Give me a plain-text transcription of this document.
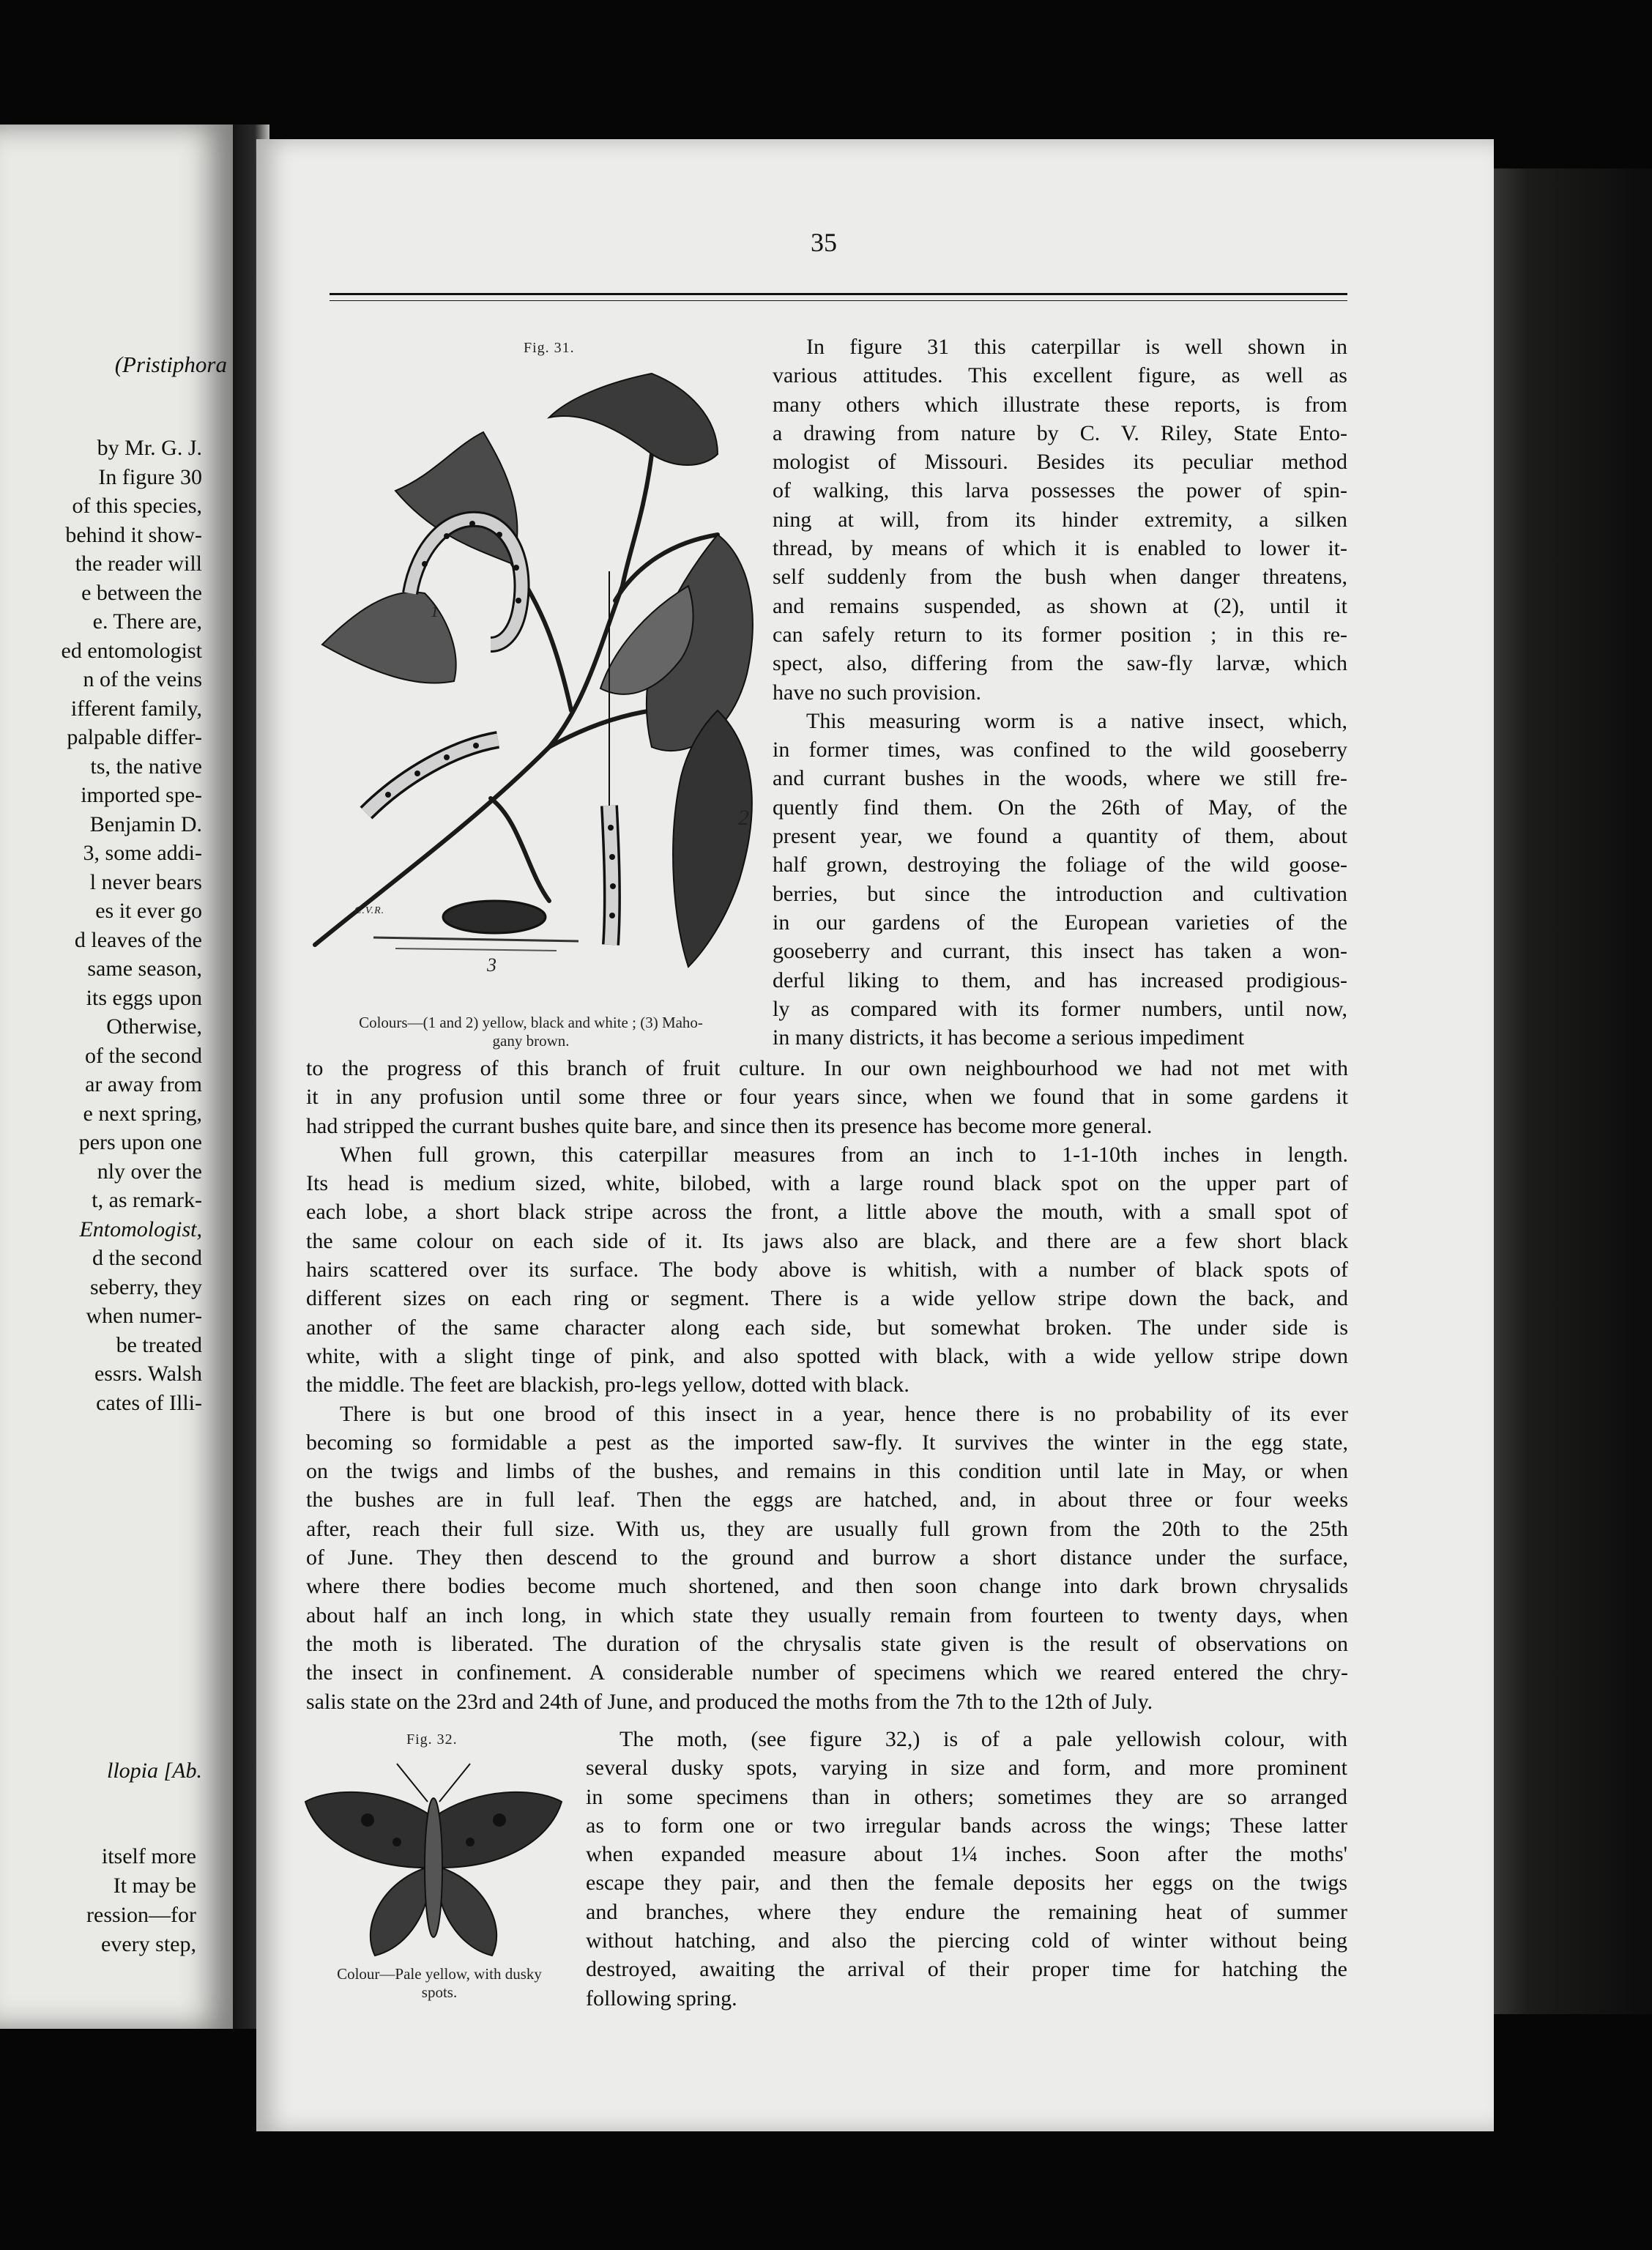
(Pristiphora
by Mr. G. J.
In figure 30
of this species,
behind it show-
the reader will
e between the
e. There are,
ed entomologist
n of the veins
ifferent family,
palpable differ-
ts, the native
imported spe-
Benjamin D.
3, some addi-
l never bears
es it ever go
d leaves of the
same season,
its eggs upon
Otherwise,
of the second
ar away from
e next spring,
pers upon one
nly over the
t, as remark-
Entomologist,
d the second
seberry, they
when numer-
be treated
essrs. Walsh
cates of Illi-
llopia [Ab.
itself more
It may be
ression—for
every step,
35
Fig. 31.
2
1
3
C.V.R.
Colours—(1 and 2) yellow, black and white ; (3) Maho-
gany brown.
Fig. 32.
Colour—Pale yellow, with dusky
spots.
In figure 31 this caterpillar is well shown in
various attitudes. This excellent figure, as well as
many others which illustrate these reports, is from
a drawing from nature by C. V. Riley, State Ento-
mologist of Missouri. Besides its peculiar method
of walking, this larva possesses the power of spin-
ning at will, from its hinder extremity, a silken
thread, by means of which it is enabled to lower it-
self suddenly from the bush when danger threatens,
and remains suspended, as shown at (2), until it
can safely return to its former position ; in this re-
spect, also, differing from the saw-fly larvæ, which
have no such provision.
This measuring worm is a native insect, which,
in former times, was confined to the wild gooseberry
and currant bushes in the woods, where we still fre-
quently find them. On the 26th of May, of the
present year, we found a quantity of them, about
half grown, destroying the foliage of the wild goose-
berries, but since the introduction and cultivation
in our gardens of the European varieties of the
gooseberry and currant, this insect has taken a won-
derful liking to them, and has increased prodigious-
ly as compared with its former numbers, until now,
in many districts, it has become a serious impediment
to the progress of this branch of fruit culture. In our own neighbourhood we had not met with
it in any profusion until some three or four years since, when we found that in some gardens it
had stripped the currant bushes quite bare, and since then its presence has become more general.
When full grown, this caterpillar measures from an inch to 1-1-10th inches in length.
Its head is medium sized, white, bilobed, with a large round black spot on the upper part of
each lobe, a short black stripe across the front, a little above the mouth, with a small spot of
the same colour on each side of it. Its jaws also are black, and there are a few short black
hairs scattered over its surface. The body above is whitish, with a number of black spots of
different sizes on each ring or segment. There is a wide yellow stripe down the back, and
another of the same character along each side, but somewhat broken. The under side is
white, with a slight tinge of pink, and also spotted with black, with a wide yellow stripe down
the middle. The feet are blackish, pro-legs yellow, dotted with black.
There is but one brood of this insect in a year, hence there is no probability of its ever
becoming so formidable a pest as the imported saw-fly. It survives the winter in the egg state,
on the twigs and limbs of the bushes, and remains in this condition until late in May, or when
the bushes are in full leaf. Then the eggs are hatched, and, in about three or four weeks
after, reach their full size. With us, they are usually full grown from the 20th to the 25th
of June. They then descend to the ground and burrow a short distance under the surface,
where there bodies become much shortened, and then soon change into dark brown chrysalids
about half an inch long, in which state they usually remain from fourteen to twenty days, when
the moth is liberated. The duration of the chrysalis state given is the result of observations on
the insect in confinement. A considerable number of specimens which we reared entered the chry-
salis state on the 23rd and 24th of June, and produced the moths from the 7th to the 12th of July.
The moth, (see figure 32,) is of a pale yellowish colour, with
several dusky spots, varying in size and form, and more prominent
in some specimens than in others; sometimes they are so arranged
as to form one or two irregular bands across the wings; These latter
when expanded measure about 1¼ inches. Soon after the moths'
escape they pair, and then the female deposits her eggs on the twigs
and branches, where they endure the remaining heat of summer
without hatching, and also the piercing cold of winter without being
destroyed, awaiting the arrival of their proper time for hatching the
following spring.
